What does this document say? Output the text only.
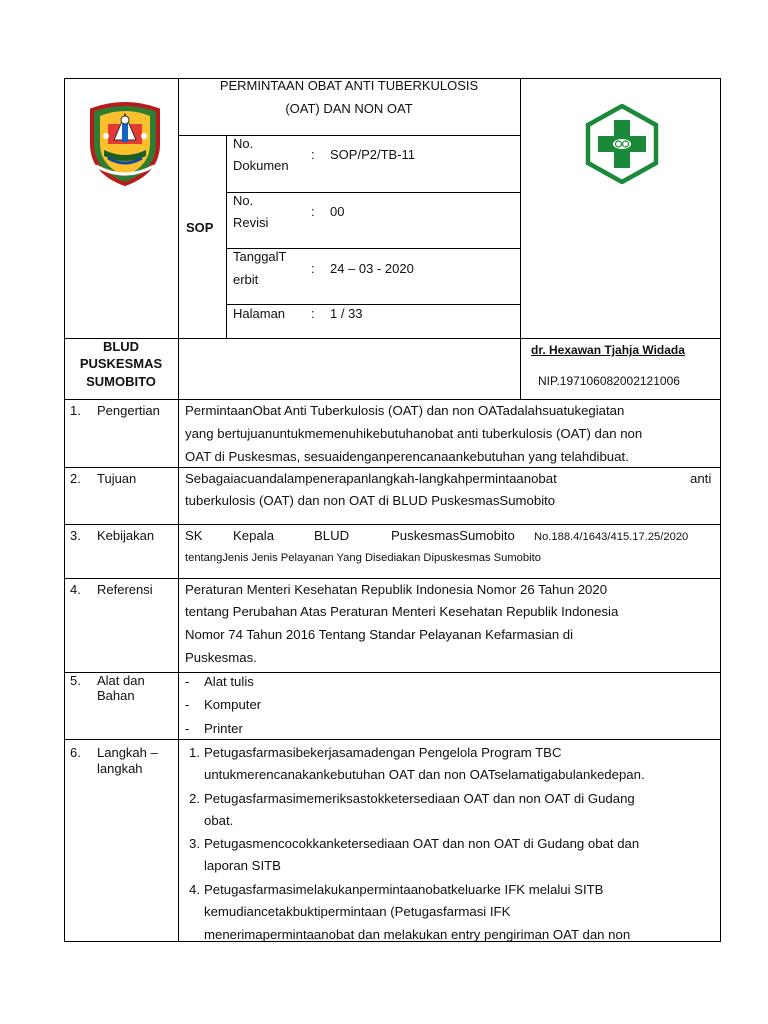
PERMINTAAN OBAT ANTI TUBERKULOSIS
(OAT) DAN NON OAT
SOP
No.
Dokumen
: SOP/P2/TB-11
No.
Revisi
: 00
TanggalT
erbit
: 24 – 03 - 2020
Halaman : 1 / 33
BLUD
PUSKESMAS
SUMOBITO
dr. Hexawan Tjahja Widada
NIP.197106082002121006
1. Pengertian PermintaanObat Anti Tuberkulosis (OAT) dan non OATadalahsuatukegiatan
yang bertujuanuntukmemenuhikebutuhanobat anti tuberkulosis (OAT) dan non
OAT di Puskesmas, sesuaidenganperencanaankebutuhan yang telahdibuat.
2. Tujuan	Sebagaiacuandalampenerapanlangkah-langkahpermintaanobat	anti
tuberkulosis (OAT) dan non OAT di BLUD PuskesmasSumobito
3. Kebijakan SK Kepala	BLUD	PuskesmasSumobito No.188.4/1643/415.17.25/2020
tentangJenis Jenis Pelayanan Yang Disediakan Dipuskesmas Sumobito
4. Referensi Peraturan Menteri Kesehatan Republik Indonesia Nomor 26 Tahun 2020
tentang Perubahan Atas Peraturan Menteri Kesehatan Republik Indonesia
Nomor 74 Tahun 2016 Tentang Standar Pelayanan Kefarmasian di
Puskesmas.
5. Alat dan
Bahan
- Alat tulis
- Komputer
- Printer
6. Langkah –
langkah
1. Petugasfarmasibekerjasamadengan Pengelola Program TBC
untukmerencanakankebutuhan OAT dan non OATselamatigabulankedepan.
2. Petugasfarmasimemeriksastokketersediaan OAT dan non OAT di Gudang
obat.
3. Petugasmencocokkanketersediaan OAT dan non OAT di Gudang obat dan
laporan SITB
4. Petugasfarmasimelakukanpermintaanobatkeluarke IFK melalui SITB
kemudiancetakbuktipermintaan (Petugasfarmasi IFK
menerimapermintaanobat dan melakukan entry pengiriman OAT dan non
